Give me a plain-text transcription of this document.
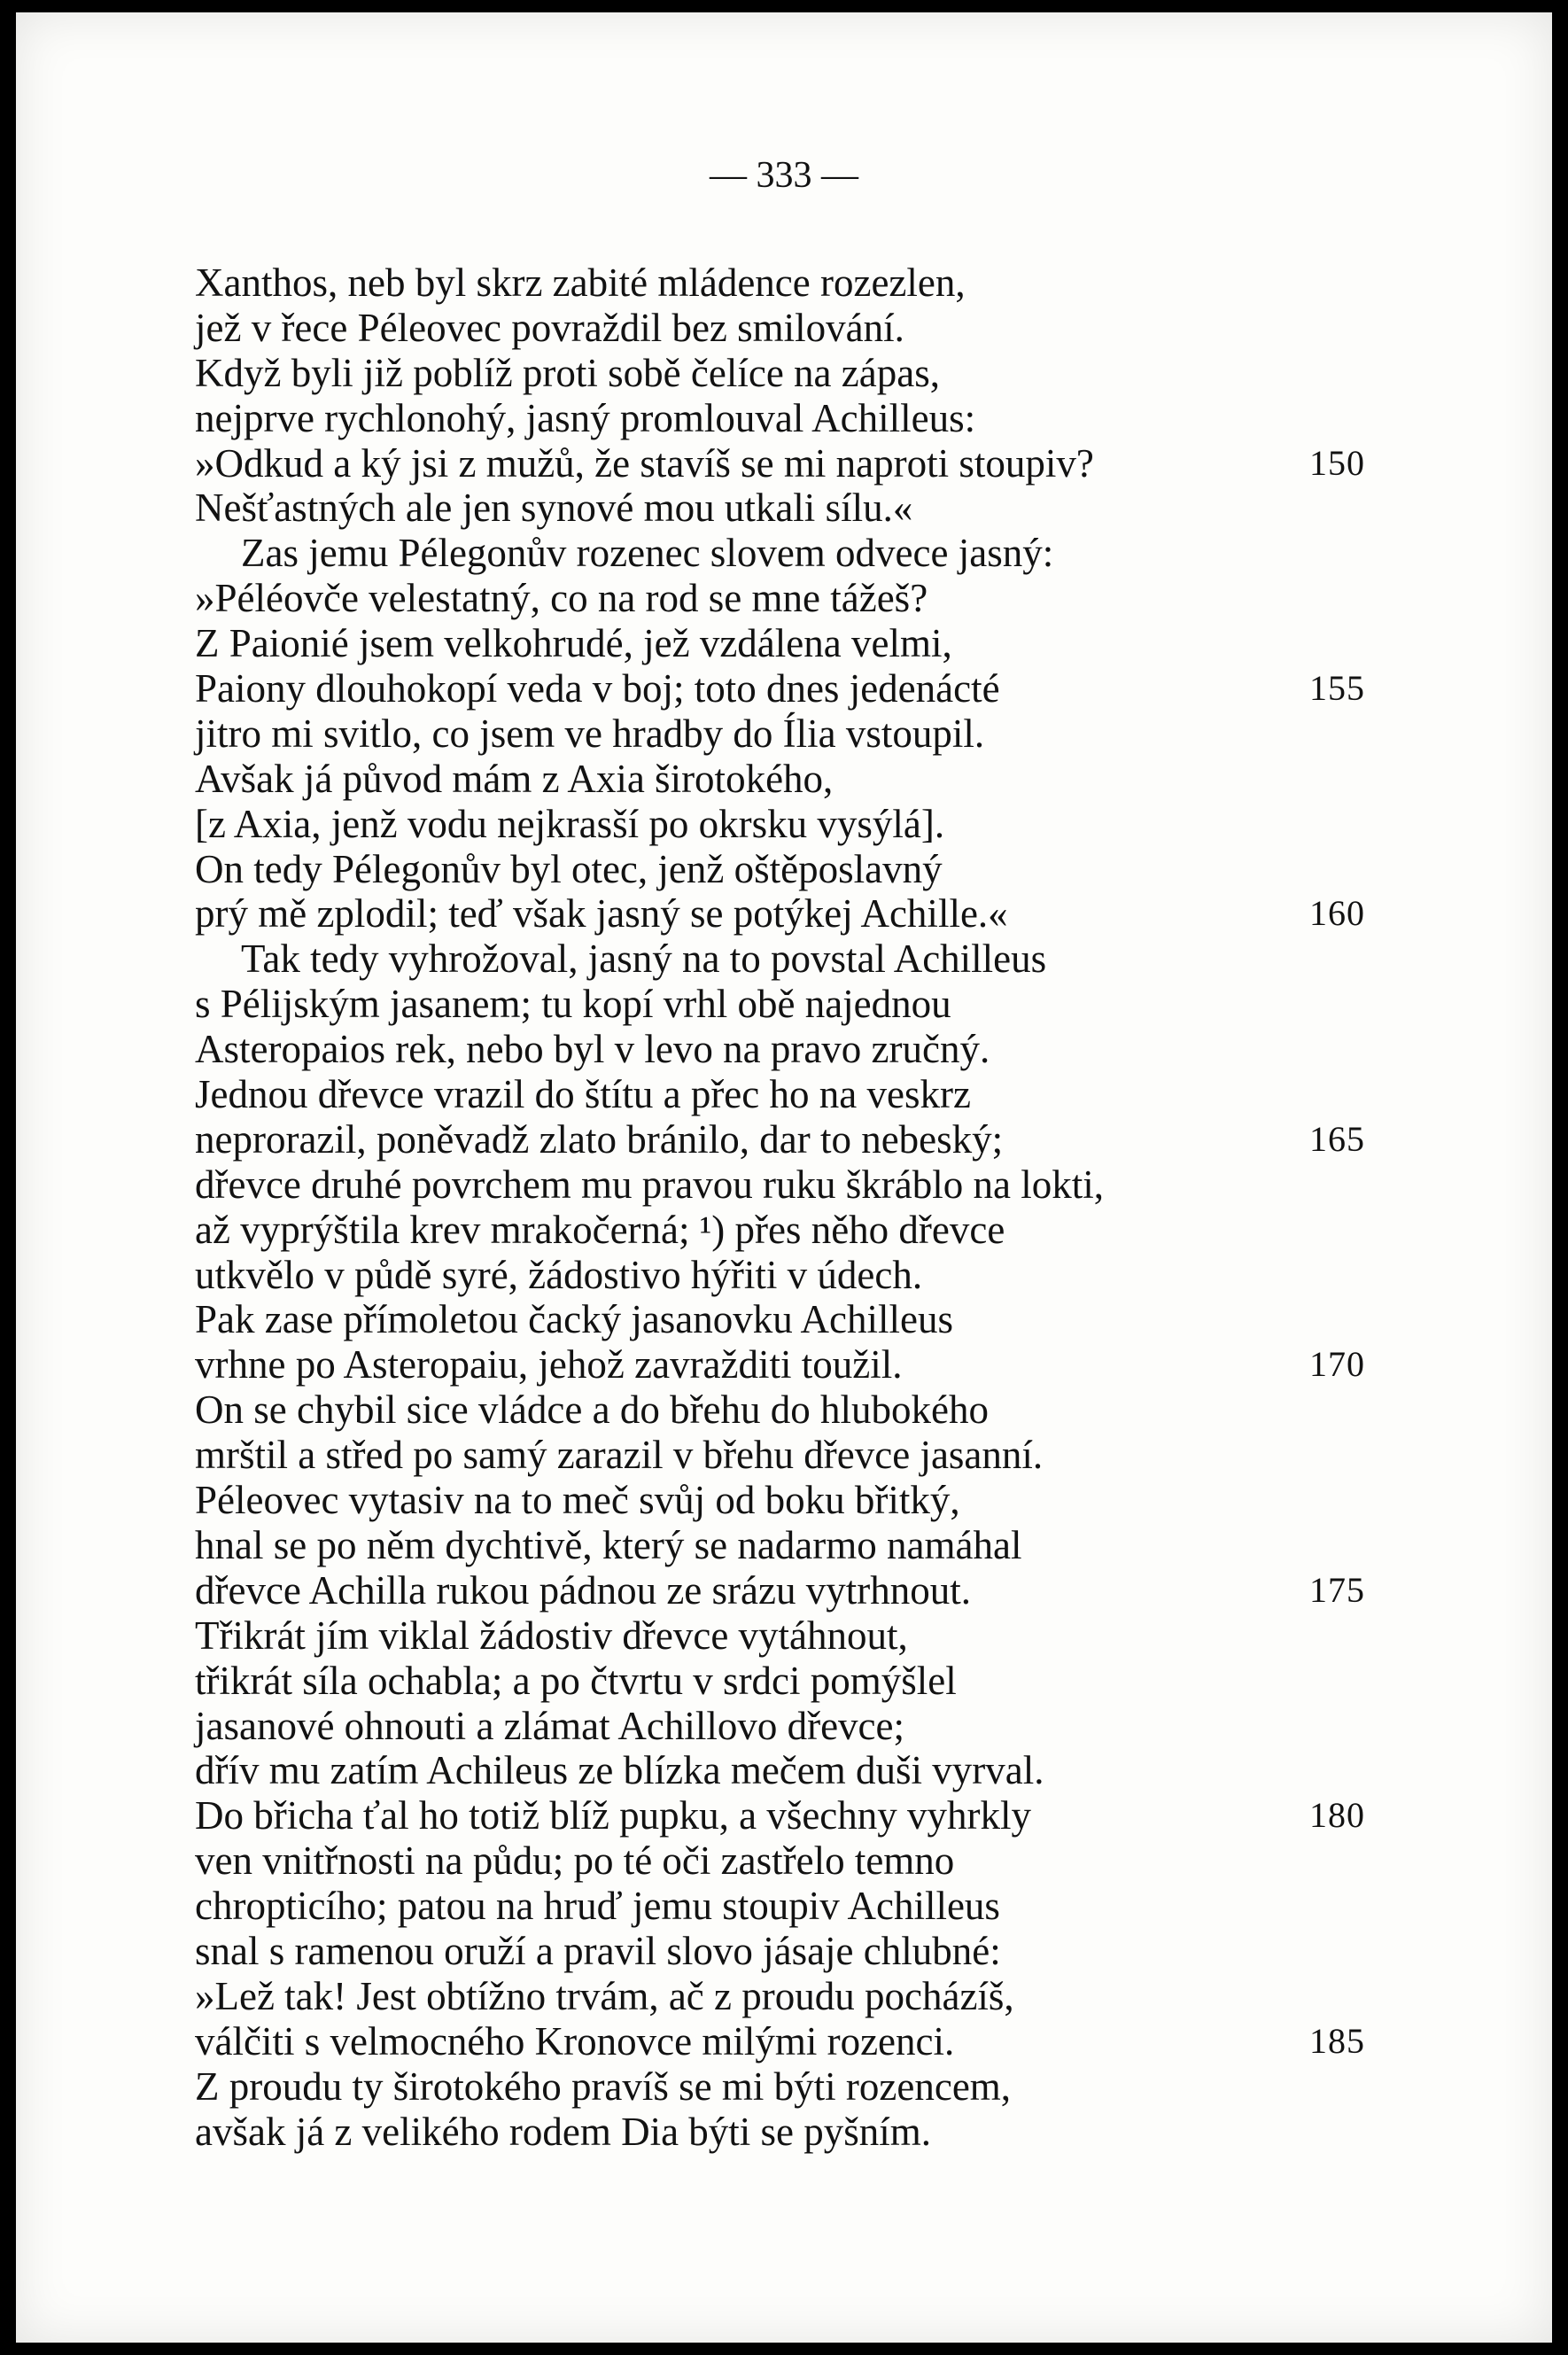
— 333 —
Xanthos, neb byl skrz zabité mládence rozezlen,
jež v řece Péleovec povraždil bez smilování.
Když byli již poblíž proti sobě čelíce na zápas,
nejprve rychlonohý, jasný promlouval Achilleus:
»Odkud a ký jsi z mužů, že stavíš se mi naproti stoupiv?	150
Nešťastných ale jen synové mou utkali sílu.«
Zas jemu Pélegonův rozenec slovem odvece jasný:
»Péléovče velestatný, co na rod se mne tážeš?
Z Paionié jsem velkohrudé, jež vzdálena velmi,
Paiony dlouhokopí veda v boj; toto dnes jedenácté	155
jitro mi svitlo, co jsem ve hradby do Ília vstoupil.
Avšak já původ mám z Axia širotokého,
[z Axia, jenž vodu nejkrasší po okrsku vysýlá].
On tedy Pélegonův byl otec, jenž oštěposlavný
prý mě zplodil; teď však jasný se potýkej Achille.«	160
Tak tedy vyhrožoval, jasný na to povstal Achilleus
s Pélijským jasanem; tu kopí vrhl obě najednou
Asteropaios rek, nebo byl v levo na pravo zručný.
Jednou dřevce vrazil do štítu a přec ho na veskrz
neprorazil, poněvadž zlato bránilo, dar to nebeský;	165
dřevce druhé povrchem mu pravou ruku škráblo na lokti,
až vyprýštila krev mrakočerná; ¹) přes něho dřevce
utkvělo v půdě syré, žádostivo hýřiti v údech.
Pak zase přímoletou čacký jasanovku Achilleus
vrhne po Asteropaiu, jehož zavražditi toužil.	170
On se chybil sice vládce a do břehu do hlubokého
mrštil a střed po samý zarazil v břehu dřevce jasanní.
Péleovec vytasiv na to meč svůj od boku břitký,
hnal se po něm dychtivě, který se nadarmo namáhal
dřevce Achilla rukou pádnou ze srázu vytrhnout.	175
Třikrát jím viklal žádostiv dřevce vytáhnout,
třikrát síla ochabla; a po čtvrtu v srdci pomýšlel
jasanové ohnouti a zlámat Achillovo dřevce;
dřív mu zatím Achileus ze blízka mečem duši vyrval.
Do břicha ťal ho totiž blíž pupku, a všechny vyhrkly	180
ven vnitřnosti na půdu; po té oči zastřelo temno
chropticího; patou na hruď jemu stoupiv Achilleus
snal s ramenou oruží a pravil slovo jásaje chlubné:
»Lež tak! Jest obtížno trvám, ač z proudu pocházíš,
válčiti s velmocného Kronovce milými rozenci.	185
Z proudu ty širotokého pravíš se mi býti rozencem,
avšak já z velikého rodem Dia býti se pyšním.
